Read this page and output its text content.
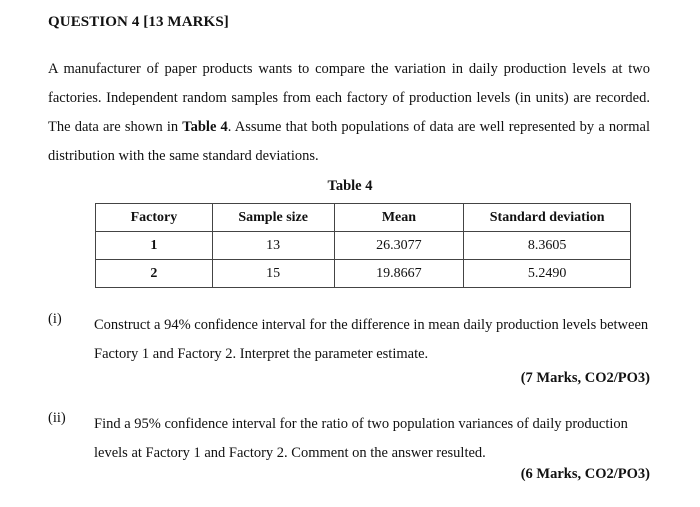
QUESTION 4 [13 MARKS]
A manufacturer of paper products wants to compare the variation in daily production levels at two factories. Independent random samples from each factory of production levels (in units) are recorded. The data are shown in Table 4. Assume that both populations of data are well represented by a normal distribution with the same standard deviations.
Table 4
Factory	Sample size	Mean	Standard deviation
1	13	26.3077	8.3605
2	15	19.8667	5.2490
(i) Construct a 94% confidence interval for the difference in mean daily production levels between Factory 1 and Factory 2. Interpret the parameter estimate.
(7 Marks, CO2/PO3)
(ii) Find a 95% confidence interval for the ratio of two population variances of daily production levels at Factory 1 and Factory 2. Comment on the answer resulted.
(6 Marks, CO2/PO3)
